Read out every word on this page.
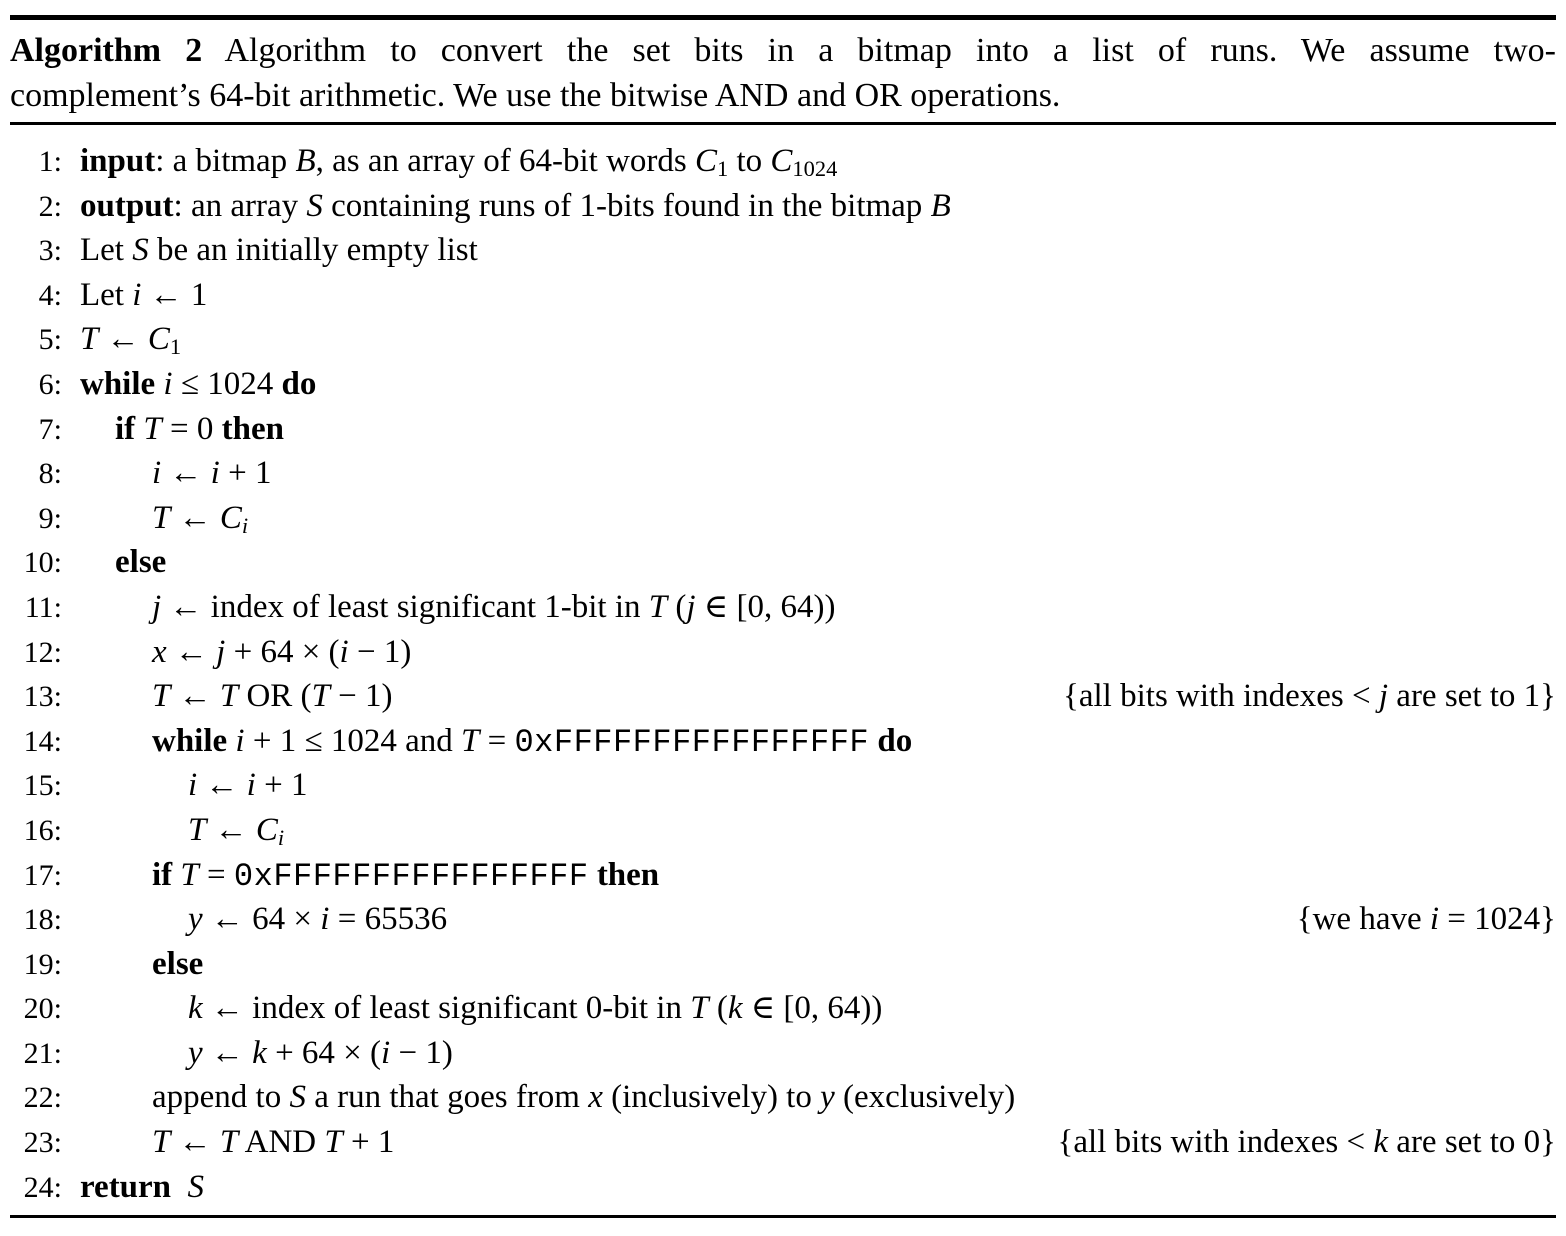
Algorithm 2 Algorithm to convert the set bits in a bitmap into a list of runs. We assume two-
complement’s 64-bit arithmetic. We use the bitwise AND and OR operations.
1: input: a bitmap B, as an array of 64-bit words C1 to C1024
2: output: an array S containing runs of 1-bits found in the bitmap B
3: Let S be an initially empty list
4: Let i ← 1
5: T ← C1
6: while i ≤ 1024 do
7:	if T = 0 then
8:	i ← i + 1
9:	T ← Ci
10:	else
11:	j ← index of least significant 1-bit in T (j ∈ [0, 64))
12:	x ← j + 64 × (i − 1)
13:	T ← T OR (T − 1)	{all bits with indexes < j are set to 1}
14:	while i + 1 ≤ 1024 and T = 0xFFFFFFFFFFFFFFFF do
15:	i ← i + 1
16:	T ← Ci
17:	if T = 0xFFFFFFFFFFFFFFFF then
18:	y ← 64 × i = 65536	{we have i = 1024}
19:	else
20:	k ← index of least significant 0-bit in T (k ∈ [0, 64))
21:	y ← k + 64 × (i − 1)
22:	append to S a run that goes from x (inclusively) to y (exclusively)
23:	T ← T AND T + 1	{all bits with indexes < k are set to 0}
24: return S
